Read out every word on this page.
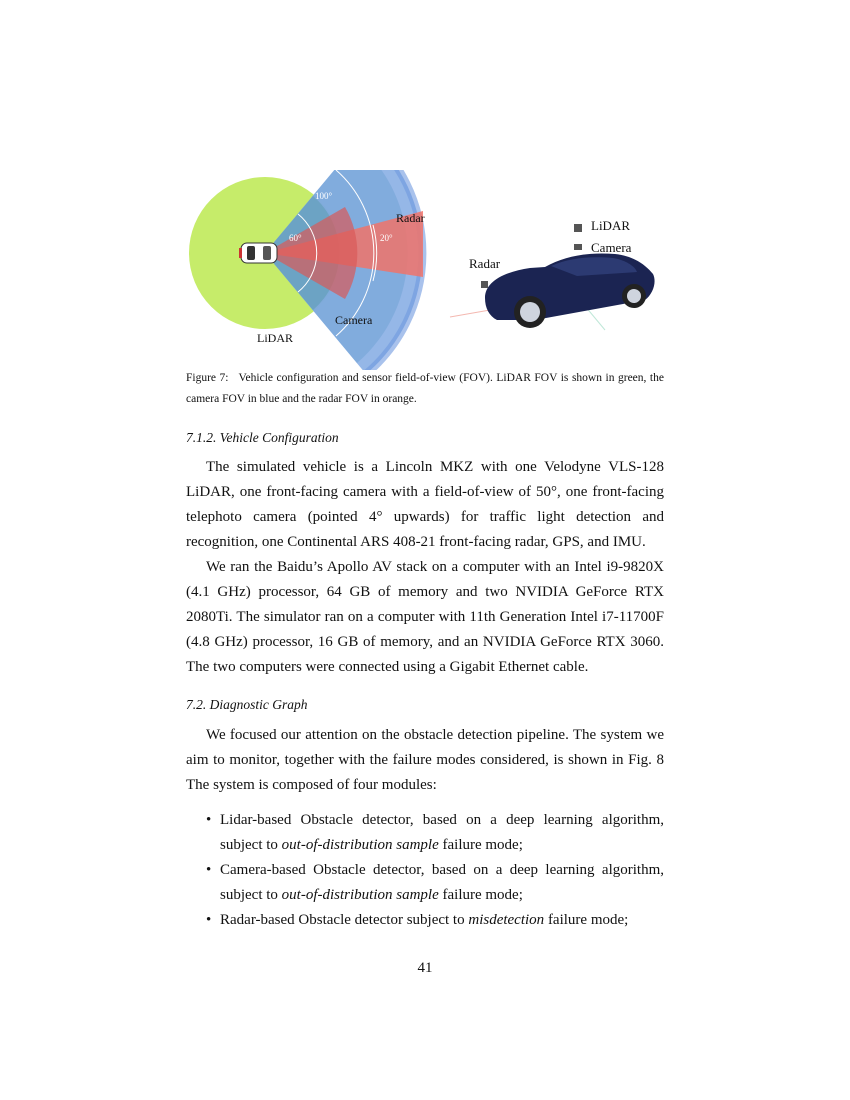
100°
60°	20°
Radar
Camera
LiDAR
LiDAR
Camera
Radar
Figure 7: Vehicle configuration and sensor field-of-view (FOV). LiDAR FOV is shown in green, the camera FOV in blue and the radar FOV in orange.
7.1.2. Vehicle Configuration

The simulated vehicle is a Lincoln MKZ with one Velodyne VLS-128 LiDAR, one front-facing camera with a field-of-view of 50°, one front-facing telephoto camera (pointed 4° upwards) for traffic light detection and recognition, one Continental ARS 408-21 front-facing radar, GPS, and IMU.

We ran the Baidu’s Apollo AV stack on a computer with an Intel i9-9820X (4.1 GHz) processor, 64 GB of memory and two NVIDIA GeForce RTX 2080Ti. The simulator ran on a computer with 11th Generation Intel i7-11700F (4.8 GHz) processor, 16 GB of memory, and an NVIDIA GeForce RTX 3060. The two computers were connected using a Gigabit Ethernet cable.

7.2. Diagnostic Graph

We focused our attention on the obstacle detection pipeline. The system we aim to monitor, together with the failure modes considered, is shown in Fig. 8 The system is composed of four modules:

• Lidar-based Obstacle detector, based on a deep learning algorithm, subject to out-of-distribution sample failure mode;
• Camera-based Obstacle detector, based on a deep learning algorithm, subject to out-of-distribution sample failure mode;
• Radar-based Obstacle detector subject to misdetection failure mode;
41
